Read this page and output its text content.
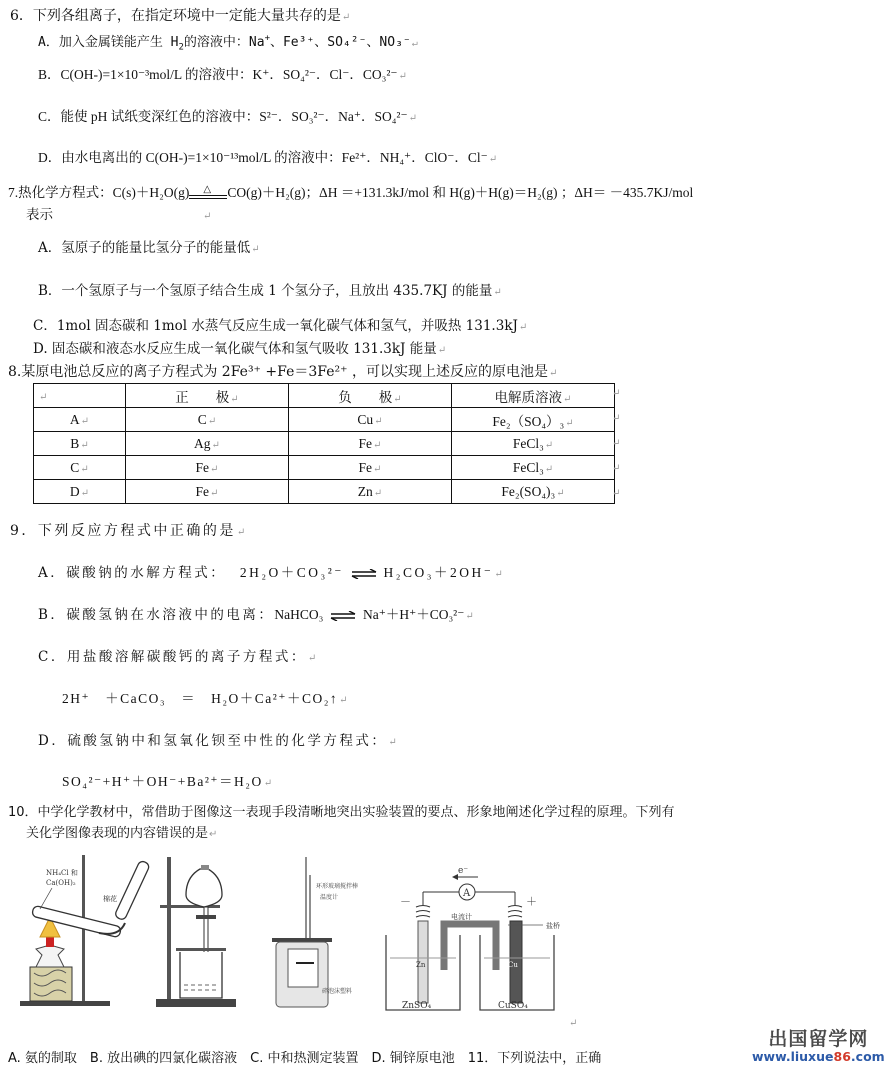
6．下列各组离子，在指定环境中一定能大量共存的是↵
A．加入金属镁能产生 $H_2$的溶液中：Na+、Fe³⁺、SO₄²⁻、NO₃⁻↵
B．C(OH-)=1×10⁻³mol/L 的溶液中：K⁺．SO₄²⁻．Cl⁻．CO₃²⁻↵
C．能使 pH 试纸变深红色的溶液中：S²⁻．SO₃²⁻．Na⁺．SO₄²⁻↵
D．由水电离出的 C(OH-)=1×10⁻¹³mol/L 的溶液中：Fe²⁺．NH₄⁺．ClO⁻．Cl⁻↵
7.热化学方程式：C(s)＋H₂O(g) △ CO(g)＋H₂(g)；ΔH ＝+131.3kJ/mol 和 H(g)＋H(g)＝H₂(g) ；ΔH＝ －435.7KJ/mol
表示	↵
A．氢原子的能量比氢分子的能量低↵
B．一个氢原子与一个氢原子结合生成 1 个氢分子，且放出 435.7KJ 的能量↵
C．1mol 固态碳和 1mol 水蒸气反应生成一氧化碳气体和氢气，并吸热 131.3kJ↵
D. 固态碳和液态水反应生成一氧化碳气体和氢气吸收 131.3kJ 能量↵
8.某原电池总反应的离子方程式为 2Fe³⁺ +Fe＝3Fe²⁺ ，可以实现上述反应的原电池是↵
↵	正　　极↵	负　　极↵	电解质溶液↵
A↵	C↵	Cu↵	Fe₂（SO₄）₃↵
B↵	Ag↵	Fe↵	FeCl₃↵
C↵	Fe↵	Fe↵	FeCl₃↵
D↵	Fe↵	Zn↵	Fe₂(SO₄)₃↵
↵
↵
↵
↵
↵
9．下列反应方程式中正确的是↵
A．碳酸钠的水解方程式： 2H₂O＋CO₃²⁻ ⇌ H₂CO₃＋2OH⁻↵
B．碳酸氢钠在水溶液中的电离：NaHCO₃ ⇌ Na⁺＋H⁺＋CO₃²⁻↵
C．用盐酸溶解碳酸钙的离子方程式：↵
2H⁺　＋CaCO₃　＝　H₂O＋Ca²⁺＋CO₂↑↵
D．硫酸氢钠中和氢氧化钡至中性的化学方程式：↵
SO₄²⁻+H⁺＋OH⁻+Ba²⁺＝H₂O↵
10．中学化学教材中，常借助于图像这一表现手段清晰地突出实验装置的要点、形象地阐述化学过程的原理。下列有
关化学图像表现的内容错误的是↵
NH₄Cl 和
Ca(OH)₂
棉花
环形玻璃搅拌棒
温度计
碎泡沫塑料
e⁻
A
－	＋
电流计
盐桥
Zn	Cu
ZnSO₄	CuSO₄
↵
A. 氨的制取　B. 放出碘的四氯化碳溶液　C. 中和热测定装置　D. 铜锌原电池　11．下列说法中，正确
出国留学网
www.liuxue86.com
